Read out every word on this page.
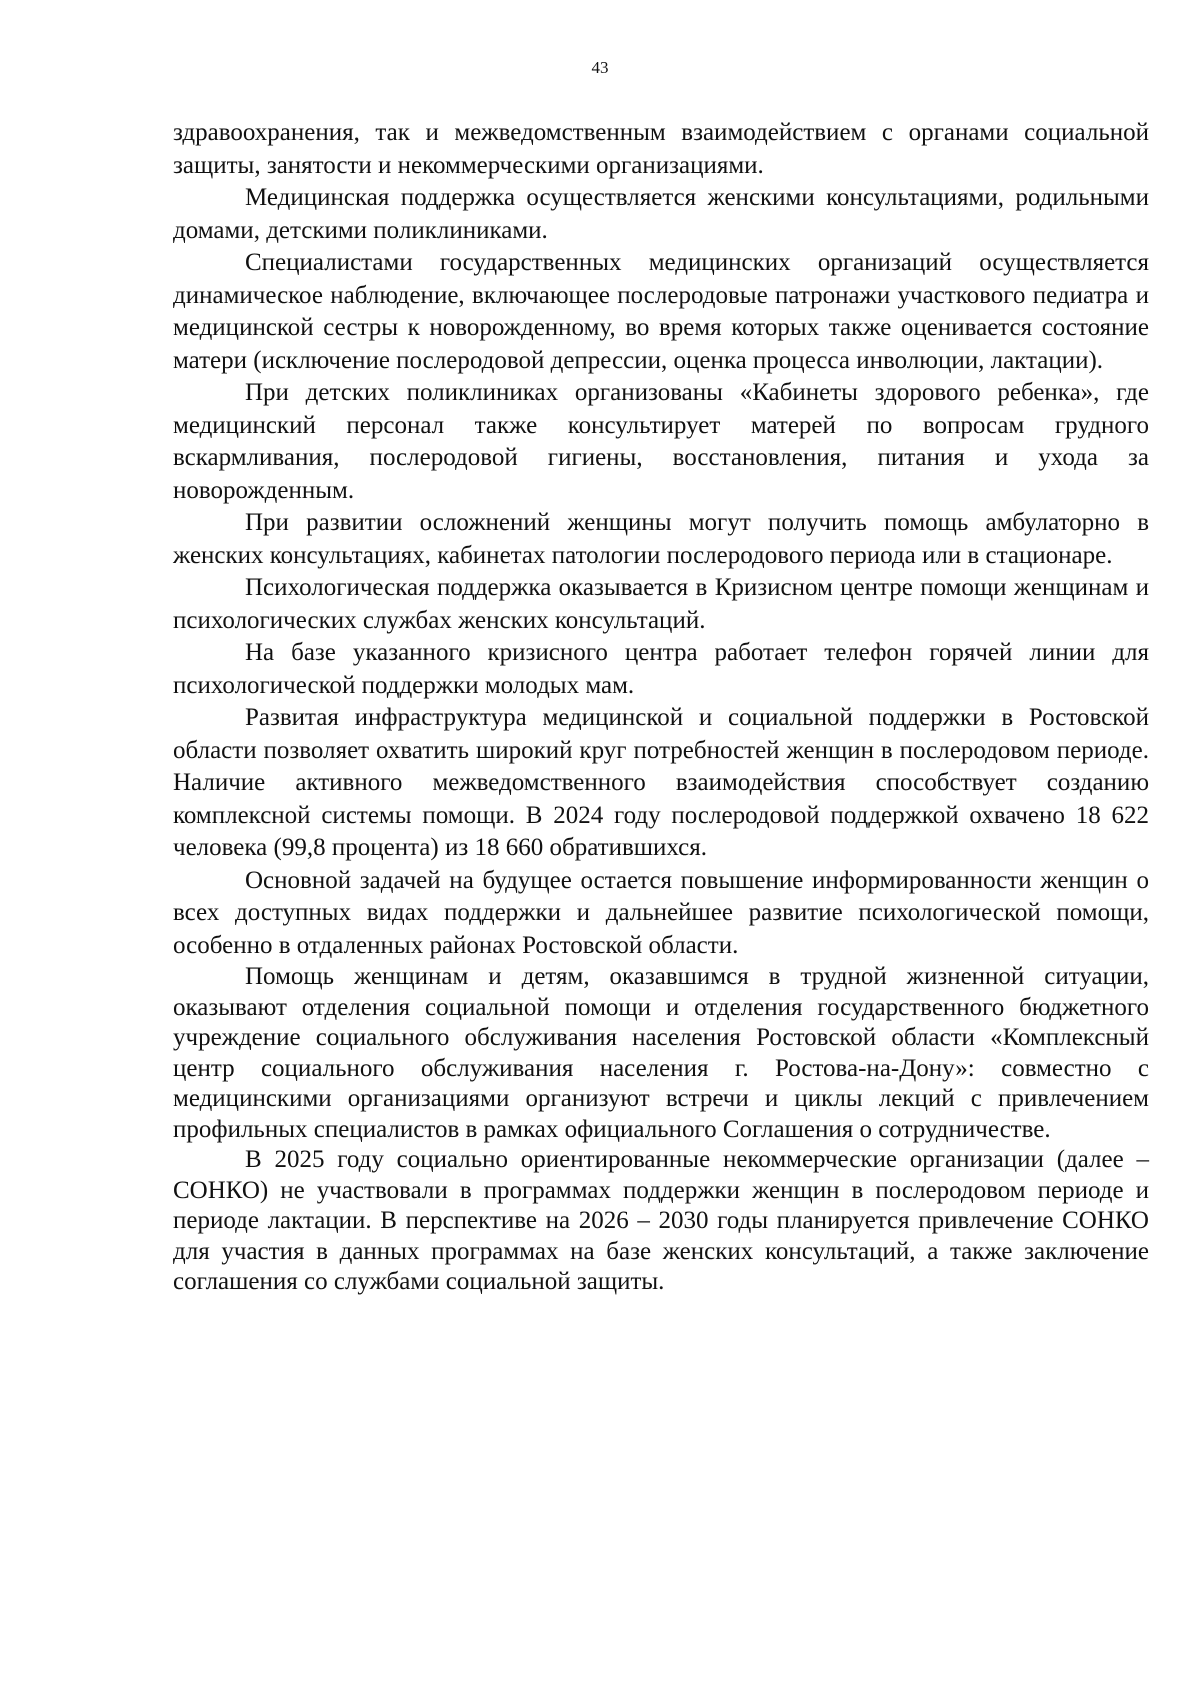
43

здравоохранения, так и межведомственным взаимодействием с органами социальной защиты, занятости и некоммерческими организациями.

Медицинская поддержка осуществляется женскими консультациями, родильными домами, детскими поликлиниками.

Специалистами государственных медицинских организаций осуществляется динамическое наблюдение, включающее послеродовые патронажи участкового педиатра и медицинской сестры к новорожденному, во время которых также оценивается состояние матери (исключение послеродовой депрессии, оценка процесса инволюции, лактации).

При детских поликлиниках организованы «Кабинеты здорового ребенка», где медицинский персонал также консультирует матерей по вопросам грудного вскармливания, послеродовой гигиены, восстановления, питания и ухода за новорожденным.

При развитии осложнений женщины могут получить помощь амбулаторно в женских консультациях, кабинетах патологии послеродового периода или в стационаре.

Психологическая поддержка оказывается в Кризисном центре помощи женщинам и психологических службах женских консультаций.

На базе указанного кризисного центра работает телефон горячей линии для психологической поддержки молодых мам.

Развитая инфраструктура медицинской и социальной поддержки в Ростовской области позволяет охватить широкий круг потребностей женщин в послеродовом периоде. Наличие активного межведомственного взаимодействия способствует созданию комплексной системы помощи. В 2024 году послеродовой поддержкой охвачено 18 622 человека (99,8 процента) из 18 660 обратившихся.

Основной задачей на будущее остается повышение информированности женщин о всех доступных видах поддержки и дальнейшее развитие психологической помощи, особенно в отдаленных районах Ростовской области.

Помощь женщинам и детям, оказавшимся в трудной жизненной ситуации, оказывают отделения социальной помощи и отделения государственного бюджетного учреждение социального обслуживания населения Ростовской области «Комплексный центр социального обслуживания населения г. Ростова-на-Дону»: совместно с медицинскими организациями организуют встречи и циклы лекций с привлечением профильных специалистов в рамках официального Соглашения о сотрудничестве.

В 2025 году социально ориентированные некоммерческие организации (далее – СОНКО) не участвовали в программах поддержки женщин в послеродовом периоде и периоде лактации. В перспективе на 2026 – 2030 годы планируется привлечение СОНКО для участия в данных программах на базе женских консультаций, а также заключение соглашения со службами социальной защиты.
